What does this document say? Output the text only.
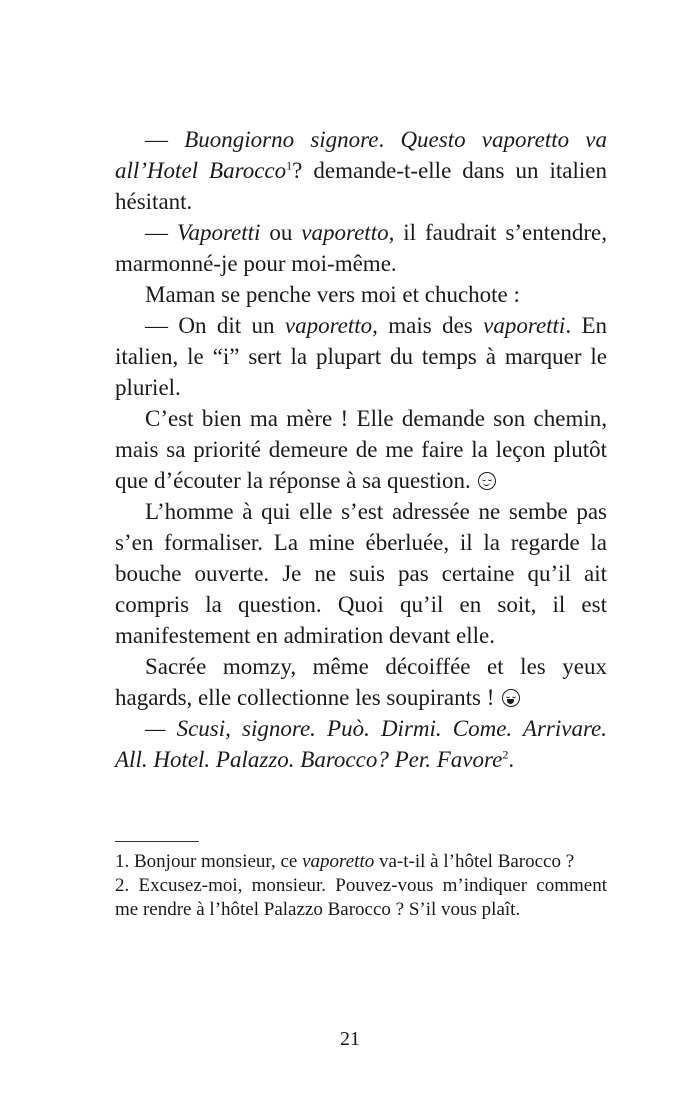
— Buongiorno signore. Questo vaporetto va all’Hotel Barocco$^1$? demande-t-elle dans un italien hésitant.

— Vaporetti ou vaporetto, il faudrait s’entendre, marmonné-je pour moi-même.

Maman se penche vers moi et chuchote :

— On dit un vaporetto, mais des vaporetti. En italien, le “i” sert la plupart du temps à marquer le pluriel.

C’est bien ma mère ! Elle demande son chemin, mais sa priorité demeure de me faire la leçon plutôt que d’écouter la réponse à sa question.

L’homme à qui elle s’est adressée ne sembe pas s’en formaliser. La mine éberluée, il la regarde la bouche ouverte. Je ne suis pas certaine qu’il ait compris la question. Quoi qu’il en soit, il est manifestement en admiration devant elle.

Sacrée momzy, même décoiffée et les yeux hagards, elle collectionne les soupirants !

— Scusi, signore. Può. Dirmi. Come. Arrivare. All. Hotel. Palazzo. Barocco? Per. Favore$^2$.

1. Bonjour monsieur, ce vaporetto va-t-il à l’hôtel Barocco ?

2. Excusez-moi, monsieur. Pouvez-vous m’indiquer comment me rendre à l’hôtel Palazzo Barocco ? S’il vous plaît.

21
